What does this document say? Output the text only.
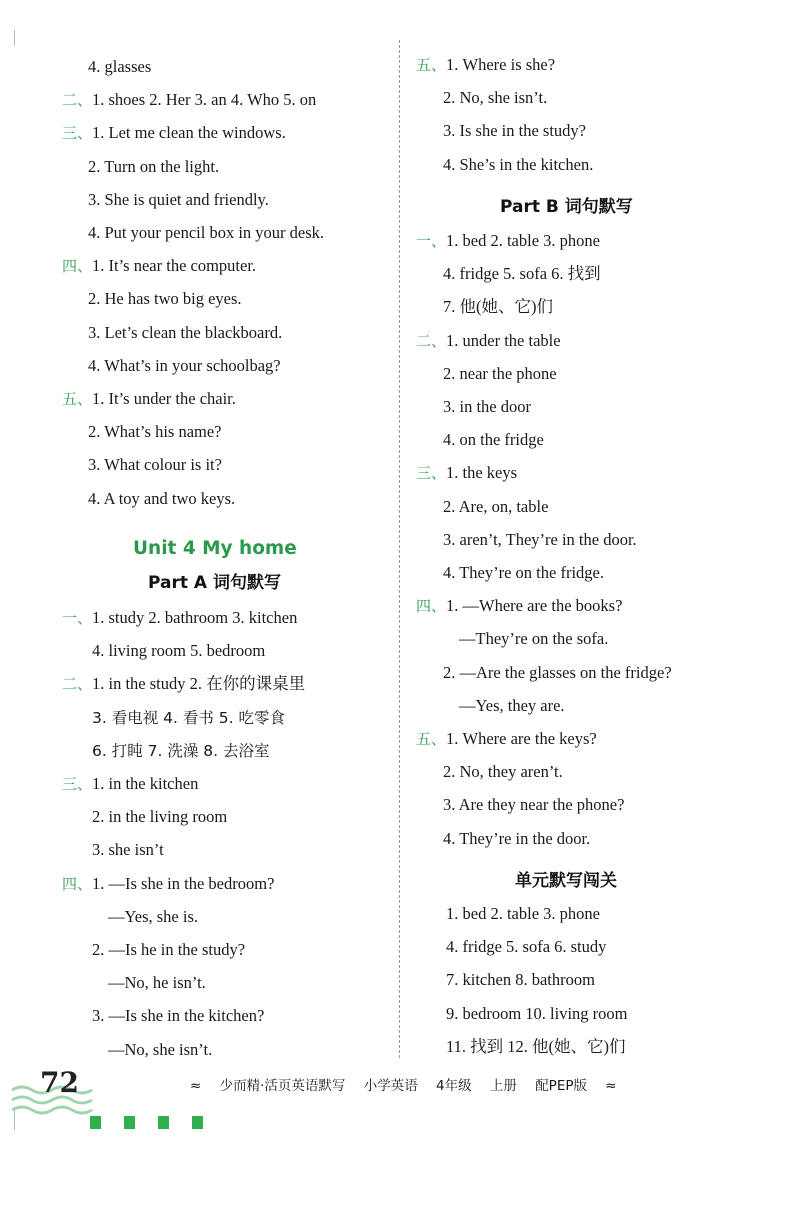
4. glasses
二、1. shoes 2. Her 3. an 4. Who 5. on
三、1. Let me clean the windows.
2. Turn on the light.
3. She is quiet and friendly.
4. Put your pencil box in your desk.
四、1. It’s near the computer.
2. He has two big eyes.
3. Let’s clean the blackboard.
4. What’s in your schoolbag?
五、1. It’s under the chair.
2. What’s his name?
3. What colour is it?
4. A toy and two keys.
Unit 4 My home
Part A 词句默写
一、1. study 2. bathroom 3. kitchen
4. living room 5. bedroom
二、1. in the study 2. 在你的课桌里
3. 看电视 4. 看书 5. 吃零食
6. 打盹 7. 洗澡 8. 去浴室
三、1. in the kitchen
2. in the living room
3. she isn’t
四、1. —Is she in the bedroom?
—Yes, she is.
2. —Is he in the study?
—No, he isn’t.
3. —Is she in the kitchen?
—No, she isn’t.
五、1. Where is she?
2. No, she isn’t.
3. Is she in the study?
4. She’s in the kitchen.
Part B 词句默写
一、1. bed 2. table 3. phone
4. fridge 5. sofa 6. 找到
7. 他(她、它)们
二、1. under the table
2. near the phone
3. in the door
4. on the fridge
三、1. the keys
2. Are, on, table
3. aren’t, They’re in the door.
4. They’re on the fridge.
四、1. —Where are the books?
—They’re on the sofa.
2. —Are the glasses on the fridge?
—Yes, they are.
五、1. Where are the keys?
2. No, they aren’t.
3. Are they near the phone?
4. They’re in the door.
单元默写闯关
1. bed 2. table 3. phone
4. fridge 5. sofa 6. study
7. kitchen 8. bathroom
9. bedroom 10. living room
11. 找到 12. 他(她、它)们
72	≈ 少而精·活页英语默写 小学英语 4年级 上册 配PEP版 ≈
